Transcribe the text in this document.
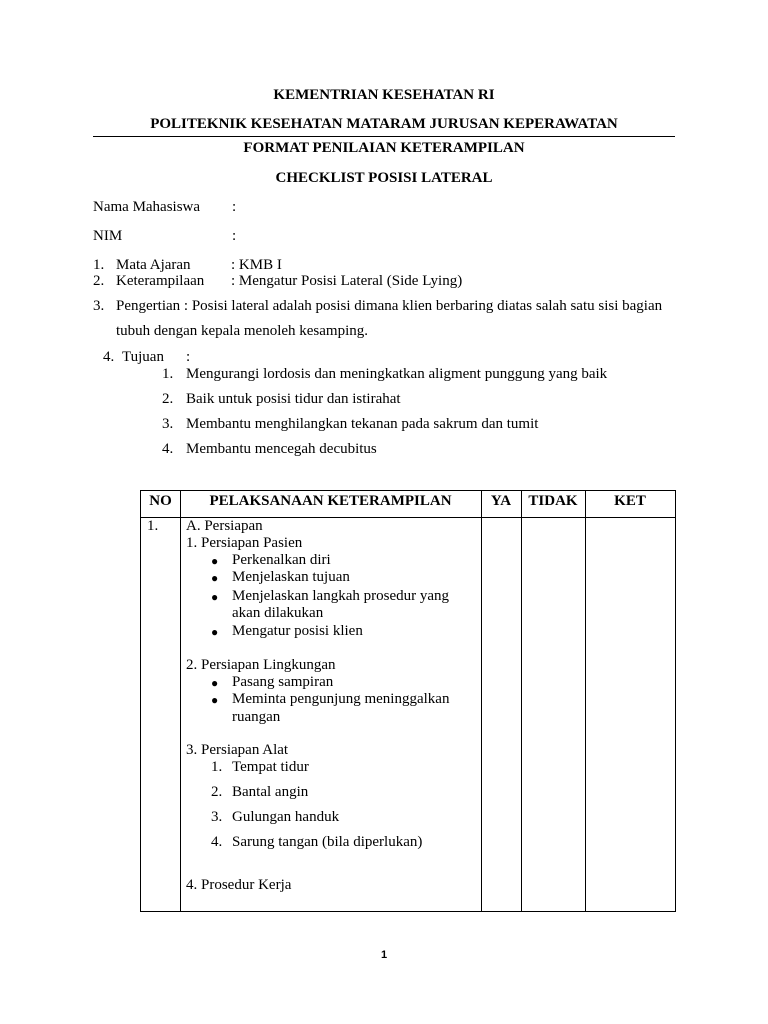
KEMENTRIAN KESEHATAN RI
POLITEKNIK KESEHATAN MATARAM JURUSAN KEPERAWATAN
FORMAT PENILAIAN KETERAMPILAN
CHECKLIST POSISI LATERAL
Nama Mahasiswa :
NIM	:
1. Mata Ajaran	: KMB I
2. Keterampilaan : Mengatur Posisi Lateral (Side Lying)
3. Pengertian : Posisi lateral adalah posisi dimana klien berbaring diatas salah satu sisi bagian
tubuh dengan kepala menoleh kesamping.
4. Tujuan :
1. Mengurangi lordosis dan meningkatkan aligment punggung yang baik
2. Baik untuk posisi tidur dan istirahat
3. Membantu menghilangkan tekanan pada sakrum dan tumit
4. Membantu mencegah decubitus
NO	PELAKSANAAN KETERAMPILAN	YA	TIDAK	KET
1. A. Persiapan
1. Persiapan Pasien
● Perkenalkan diri
● Menjelaskan tujuan
● Menjelaskan langkah prosedur yang
akan dilakukan
● Mengatur posisi klien
2. Persiapan Lingkungan
● Pasang sampiran
● Meminta pengunjung meninggalkan
ruangan
3. Persiapan Alat
1. Tempat tidur
2. Bantal angin
3. Gulungan handuk
4. Sarung tangan (bila diperlukan)
4. Prosedur Kerja
1
